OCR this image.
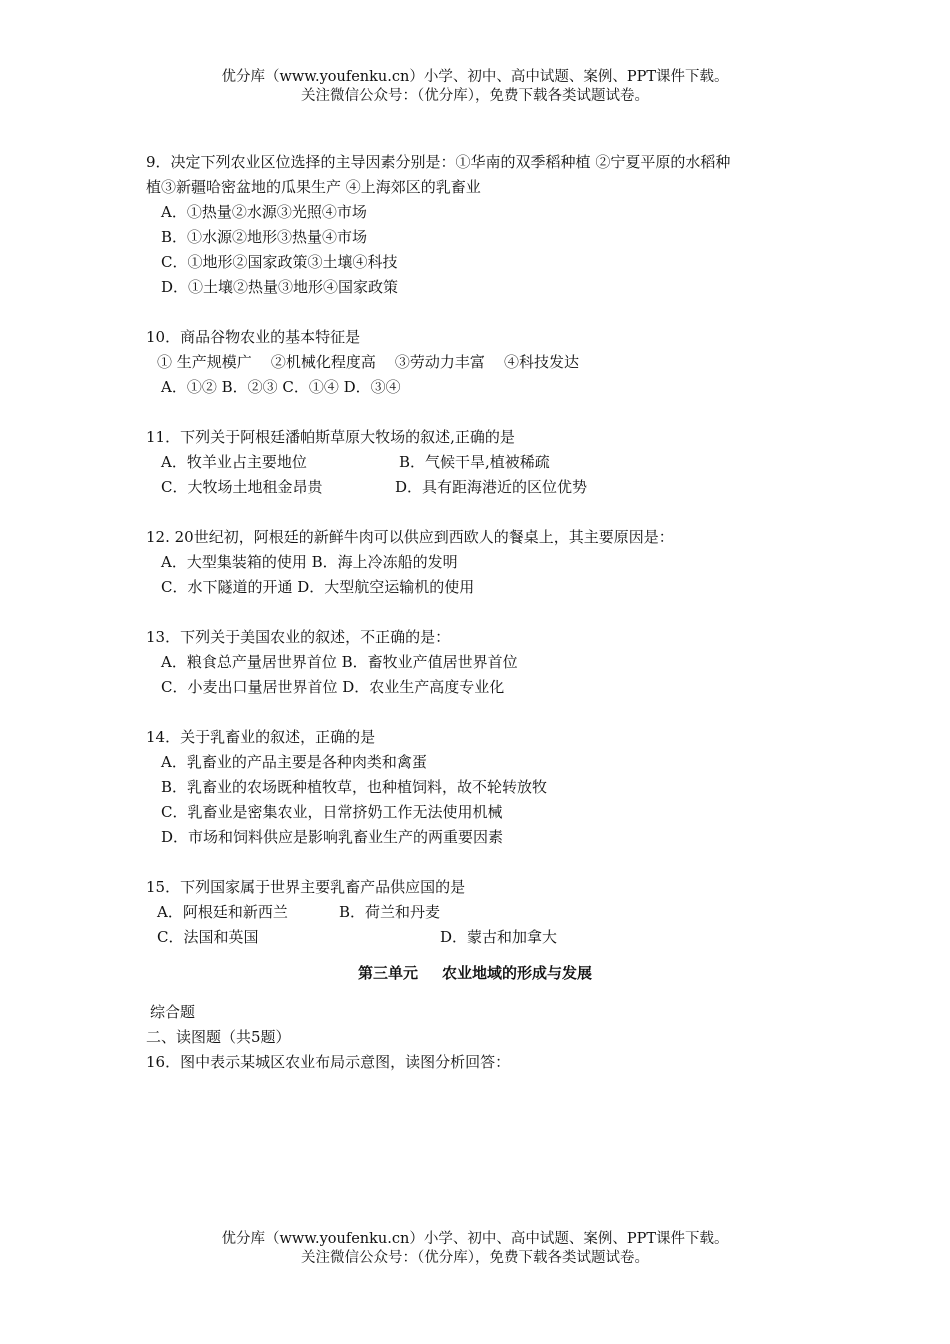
优分库（www.youfenku.cn）小学、初中、高中试题、案例、PPT课件下载。
关注微信公众号：（优分库），免费下载各类试题试卷。
9．决定下列农业区位选择的主导因素分别是：①华南的双季稻种植 ②宁夏平原的水稻种
植③新疆哈密盆地的瓜果生产 ④上海郊区的乳畜业
A．①热量②水源③光照④市场
B．①水源②地形③热量④市场
C．①地形②国家政策③土壤④科技
D．①土壤②热量③地形④国家政策
10．商品谷物农业的基本特征是
① 生产规模广    ②机械化程度高    ③劳动力丰富    ④科技发达
A．①② B．②③ C．①④ D．③④
11．下列关于阿根廷潘帕斯草原大牧场的叙述,正确的是
A．牧羊业占主要地位	B．气候干旱,植被稀疏
C．大牧场土地租金昂贵	D．具有距海港近的区位优势
12. 20世纪初，阿根廷的新鲜牛肉可以供应到西欧人的餐桌上，其主要原因是：
A．大型集装箱的使用 B．海上冷冻船的发明
C．水下隧道的开通 D．大型航空运输机的使用
13．下列关于美国农业的叙述，不正确的是：
A．粮食总产量居世界首位 B．畜牧业产值居世界首位
C．小麦出口量居世界首位 D．农业生产高度专业化
14．关于乳畜业的叙述，正确的是
A．乳畜业的产品主要是各种肉类和禽蛋
B．乳畜业的农场既种植牧草，也种植饲料，故不轮转放牧
C．乳畜业是密集农业，日常挤奶工作无法使用机械
D．市场和饲料供应是影响乳畜业生产的两重要因素
15．下列国家属于世界主要乳畜产品供应国的是
A．阿根廷和新西兰	B．荷兰和丹麦
C．法国和英国	D．蒙古和加拿大
第三单元 农业地域的形成与发展
综合题
二、读图题（共5题）
16．图中表示某城区农业布局示意图，读图分析回答：
优分库（www.youfenku.cn）小学、初中、高中试题、案例、PPT课件下载。
关注微信公众号：（优分库），免费下载各类试题试卷。
